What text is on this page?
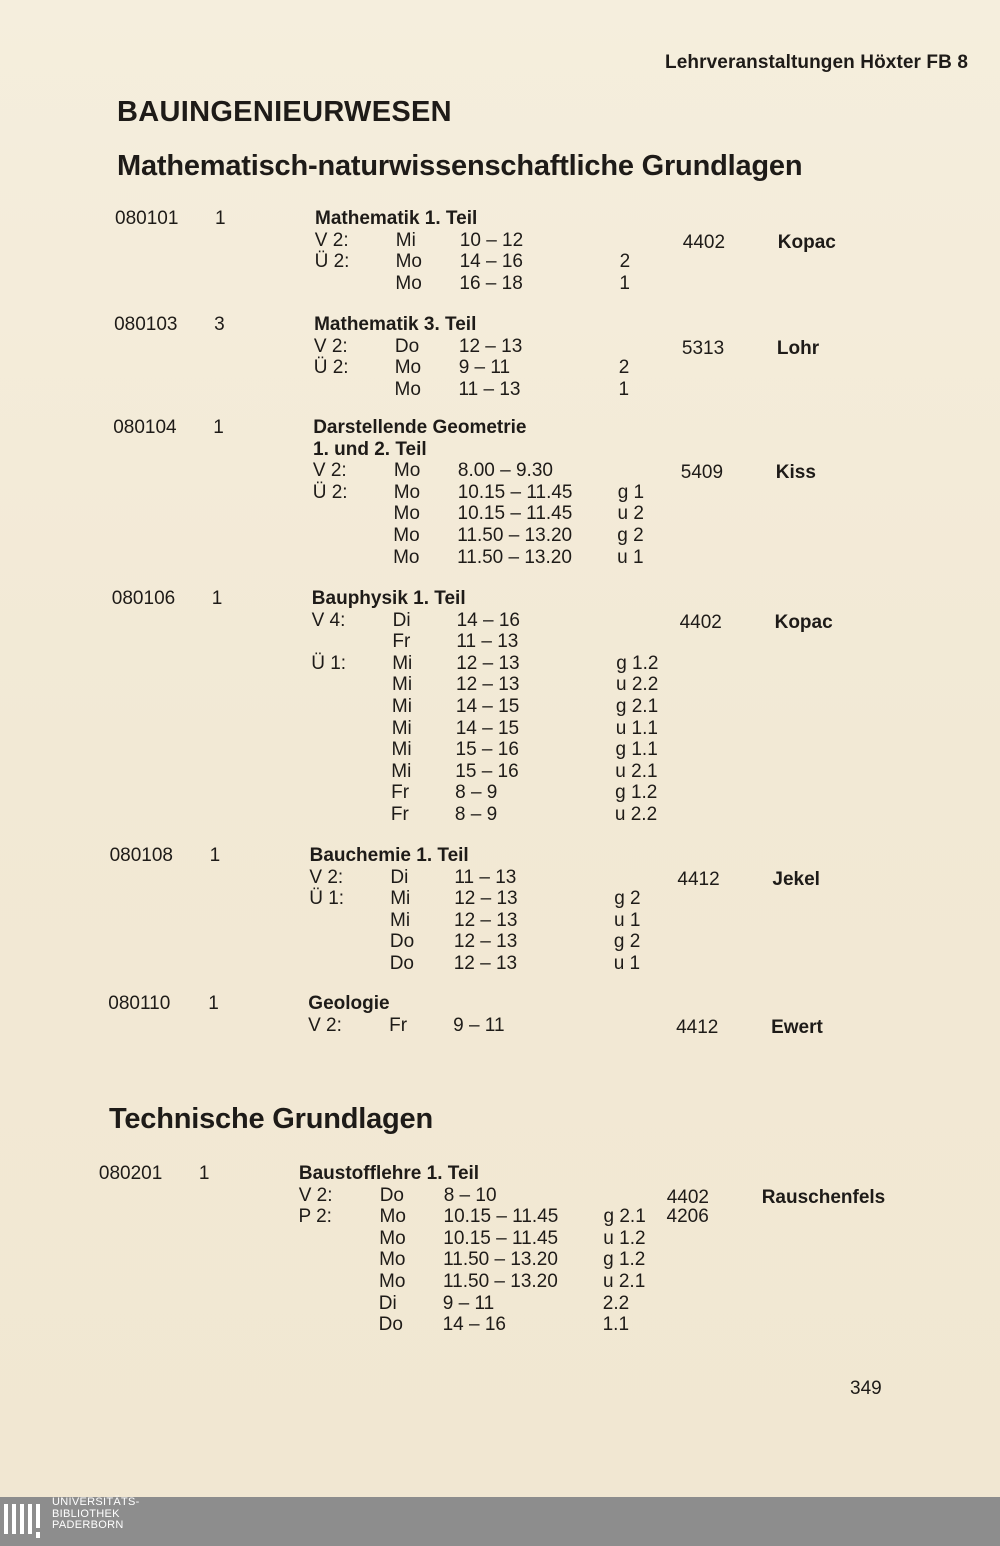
Lehrveranstaltungen Höxter FB 8
BAUINGENIEURWESEN
Mathematisch-naturwissenschaftliche Grundlagen
080101 1	Mathematik 1. Teil
V 2: Mi 10 – 12	4402	Kopac
Ü 2: Mo 14 – 16	2
Mo 16 – 18	1
080103 3	Mathematik 3. Teil
V 2: Do 12 – 13	5313	Lohr
Ü 2: Mo 9 – 11	2
Mo 11 – 13	1
080104 1	Darstellende Geometrie
1. und 2. Teil
V 2: Mo 8.00 – 9.30	5409	Kiss
Ü 2: Mo 10.15 – 11.45 g 1
Mo 10.15 – 11.45 u 2
Mo 11.50 – 13.20 g 2
Mo 11.50 – 13.20 u 1
080106 1	Bauphysik 1. Teil
V 4: Di 14 – 16	4402	Kopac
Fr 11 – 13
Ü 1: Mi 12 – 13	g 1.2
Mi 12 – 13	u 2.2
Mi 14 – 15	g 2.1
Mi 14 – 15	u 1.1
Mi 15 – 16	g 1.1
Mi 15 – 16	u 2.1
Fr 8 – 9	g 1.2
Fr 8 – 9	u 2.2
080108 1	Bauchemie 1. Teil
V 2: Di 11 – 13	4412	Jekel
Ü 1: Mi 12 – 13	g 2
Mi 12 – 13	u 1
Do 12 – 13	g 2
Do 12 – 13	u 1
080110 1	Geologie
V 2: Fr 9 – 11	4412	Ewert
Technische Grundlagen
080201 1	Baustofflehre 1. Teil
V 2: Do 8 – 10	4402	Rauschenfels
P 2:	Mo 10.15 – 11.45 g 2.1 4206
Mo 10.15 – 11.45 u 1.2
Mo 11.50 – 13.20 g 1.2
Mo 11.50 – 13.20 u 2.1
Di 9 – 11	2.2
Do 14 – 16	1.1
349
UNIVERSITÄTS-
BIBLIOTHEK
PADERBORN
